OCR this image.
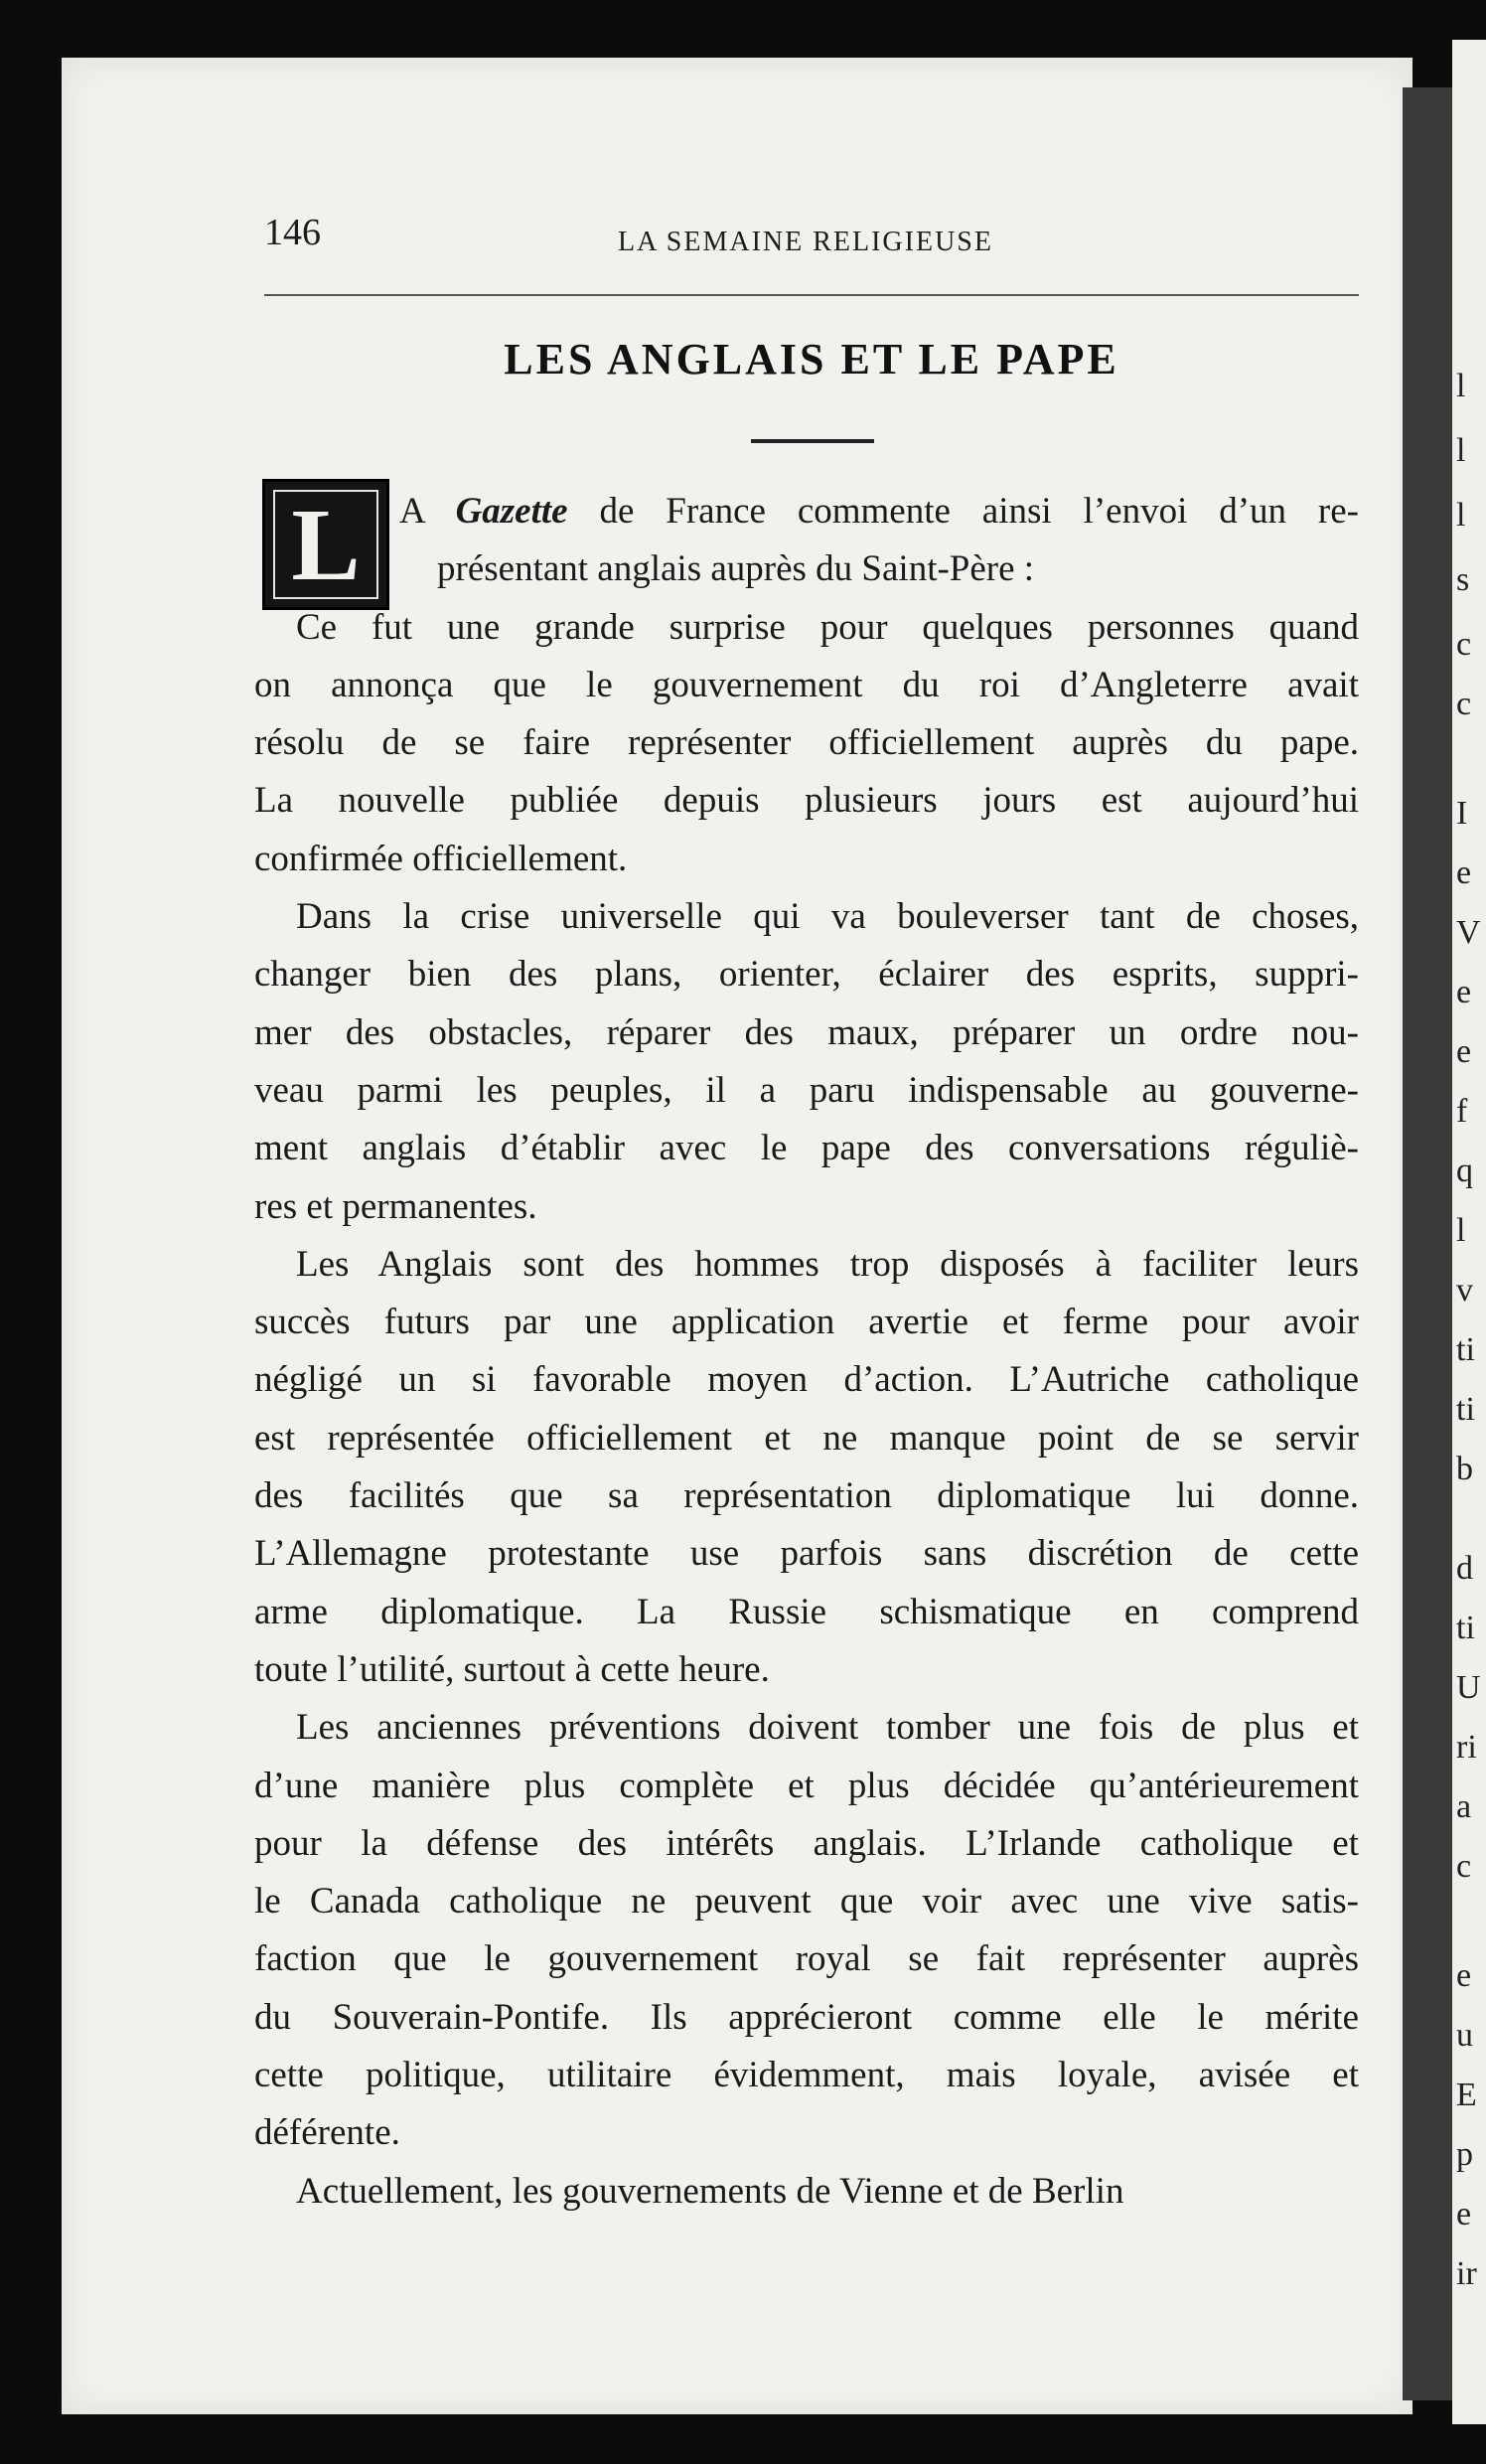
l
l
l
s
c
c
I
e
V
e
e
f
q
l
v
ti
ti
b
d
ti
U
ri
a
c
e
u
E
p
e
ir
146	LA SEMAINE RELIGIEUSE
LES ANGLAIS ET LE PAPE
L	A Gazette de France commente ainsi l’envoi d’un re-
présentant anglais auprès du Saint-Père :
Ce fut une grande surprise pour quelques personnes quand
on annonça que le gouvernement du roi d’Angleterre avait
résolu de se faire représenter officiellement auprès du pape.
La nouvelle publiée depuis plusieurs jours est aujourd’hui
confirmée officiellement.
Dans la crise universelle qui va bouleverser tant de choses,
changer bien des plans, orienter, éclairer des esprits, suppri-
mer des obstacles, réparer des maux, préparer un ordre nou-
veau parmi les peuples, il a paru indispensable au gouverne-
ment anglais d’établir avec le pape des conversations réguliè-
res et permanentes.
Les Anglais sont des hommes trop disposés à faciliter leurs
succès futurs par une application avertie et ferme pour avoir
négligé un si favorable moyen d’action. L’Autriche catholique
est représentée officiellement et ne manque point de se servir
des facilités que sa représentation diplomatique lui donne.
L’Allemagne protestante use parfois sans discrétion de cette
arme diplomatique. La Russie schismatique en comprend
toute l’utilité, surtout à cette heure.
Les anciennes préventions doivent tomber une fois de plus et
d’une manière plus complète et plus décidée qu’antérieurement
pour la défense des intérêts anglais. L’Irlande catholique et
le Canada catholique ne peuvent que voir avec une vive satis-
faction que le gouvernement royal se fait représenter auprès
du Souverain-Pontife. Ils apprécieront comme elle le mérite
cette politique, utilitaire évidemment, mais loyale, avisée et
déférente.
Actuellement, les gouvernements de Vienne et de Berlin
